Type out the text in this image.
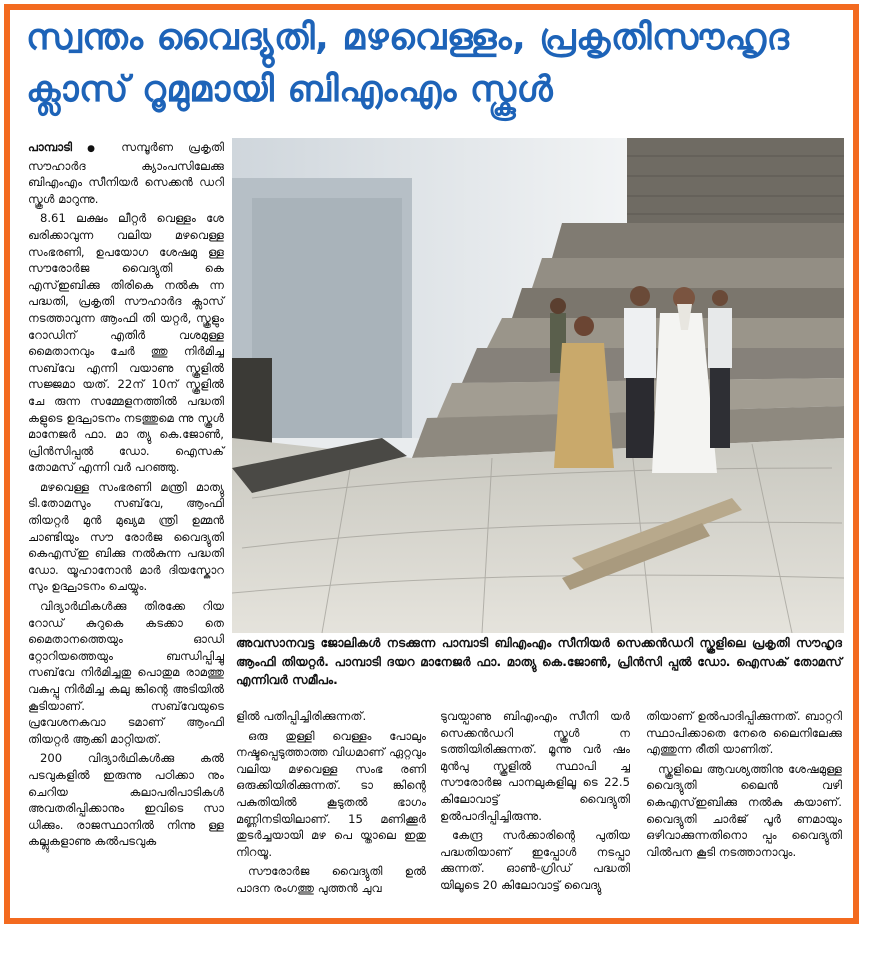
സ്വന്തം വൈദ്യുതി, മഴവെള്ളം, പ്രകൃതിസൗഹൃദ
ക്ലാസ് റൂമുമായി ബിഎംഎം സ്കൂൾ

പാമ്പാടി ● സമ്പൂർണ പ്രകൃതി സൗഹാർദ ക്യാംപസിലേക്കു ബിഎംഎം സീനിയർ സെക്കൻ ഡറി സ്കൂൾ മാറുന്നു.

8.61 ലക്ഷം ലീറ്റർ വെള്ളം ശേ ഖരിക്കാവുന്ന വലിയ മഴവെള്ള സംഭരണി, ഉപയോഗ ശേഷമു ള്ള സൗരോർജ വൈദ്യുതി കെ എസ്ഇബിക്കു തിരികെ നൽകു ന്ന പദ്ധതി, പ്രകൃതി സൗഹാർദ ക്ലാസ് നടത്താവുന്ന ആംഫി തി യറ്റർ, സ്കൂളും റോഡിന് എതിർ വശമുള്ള മൈതാനവും ചേർ ത്തു നിർമിച്ച സബ്‌വേ എന്നി വയാണു സ്കൂളിൽ സജ്ജമാ യത്. 22ന് 10ന് സ്കൂളിൽ ചേ രുന്ന സമ്മേളനത്തിൽ പദ്ധതി കളുടെ ഉദ്ഘാടനം നടത്തുമെ ന്നു സ്കൂൾ മാനേജർ ഫാ. മാ ത്യു കെ.ജോൺ, പ്രിൻസിപ്പൽ ഡോ. ഐസക് തോമസ് എന്നി വർ പറഞ്ഞു.

മഴവെള്ള സംഭരണി മന്ത്രി മാത്യു ടി.തോമസും സബ്‌വേ, ആംഫി തിയറ്റർ മുൻ മുഖ്യമ ന്ത്രി ഉമ്മൻ ചാണ്ടിയും സൗ രോർജ വൈദ്യുതി കെഎസ്ഇ ബിക്കു നൽകുന്ന പദ്ധതി ഡോ. യൂഹാനോൻ മാർ ദിയസ്കോറ സും ഉദ്ഘാടനം ചെയ്യും.

വിദ്യാർഥികൾക്കു തിരക്കേ റിയ റോഡ് കുറുകെ കടക്കാ തെ മൈതാനത്തെയും ഓഡി റ്റോറിയത്തെയും ബന്ധിപ്പിച്ചു സബ്‌വേ നിർമിച്ചതു പൊതുമ രാമത്തു വകുപ്പു നിർമിച്ച കലു ങ്കിന്റെ അടിയിൽ കൂടിയാണ്. സബ്‌വേയുടെ പ്രവേശനകവാ ടമാണ് ആംഫി തിയറ്റർ ആക്കി മാറ്റിയത്.

200 വിദ്യാർഥികൾക്കു കൽ പടവുകളിൽ ഇരുന്നു പഠിക്കാ നും ചെറിയ കലാപരിപാടികൾ അവതരിപ്പിക്കാനും ഇവിടെ സാ ധിക്കും. രാജസ്ഥാനിൽ നിന്നു ള്ള കല്ലുകളാണു കൽപടവുക

അവസാനവട്ട ജോലികൾ നടക്കുന്ന പാമ്പാടി ബിഎംഎം സീനിയർ സെക്കൻഡറി സ്കൂളിലെ പ്രകൃതി സൗഹൃദ ആംഫി തിയറ്റർ. പാമ്പാടി ദയറ മാനേജർ ഫാ. മാത്യു കെ.ജോൺ, പ്രിൻസി പ്പൽ ഡോ. ഐസക് തോമസ് എന്നിവർ സമീപം.

ളിൽ പതിപ്പിച്ചിരിക്കുന്നത്.

ഒരു തുള്ളി വെള്ളം പോലും നഷ്ടപ്പെടുത്താത്ത വിധമാണ് ഏറ്റവും വലിയ മഴവെള്ള സംഭ രണി ഒരുക്കിയിരിക്കുന്നത്. ടാ ങ്കിന്റെ പകുതിയിൽ കൂടുതൽ ഭാഗം മണ്ണിനടിയിലാണ്. 15 മണിക്കൂർ തുടർച്ചയായി മഴ പെ യ്താലെ ഇതു നിറയൂ.

സൗരോർജ വൈദ്യുതി ഉൽ പാദന രംഗത്തു പുത്തൻ ചുവ

ടുവയ്പാണു ബിഎംഎം സീനി യർ സെക്കൻഡറി സ്കൂൾ ന ടത്തിയിരിക്കുന്നത്. മൂന്നു വർ ഷം മുൻപു സ്കൂളിൽ സ്ഥാപി ച്ച സൗരോർജ പാനലുകളിലൂ ടെ 22.5 കിലോവാട്ട് വൈദ്യുതി ഉൽപാദിപ്പിച്ചിരുന്നു.

കേന്ദ്ര സർക്കാരിന്റെ പുതിയ പദ്ധതിയാണ് ഇപ്പോൾ നടപ്പാ ക്കുന്നത്. ഓൺ-ഗ്രിഡ് പദ്ധതി യിലൂടെ 20 കിലോവാട്ട് വൈദ്യു

തിയാണ് ഉൽപാദിപ്പിക്കുന്നത്. ബാറ്ററി സ്ഥാപിക്കാതെ നേരെ ലൈനിലേക്കു എത്തുന്ന രീതി യാണിത്.

സ്കൂളിലെ ആവശ്യത്തിനു ശേഷമുള്ള വൈദ്യുതി ലൈൻ വഴി കെഎസ്ഇബിക്കു നൽകു കയാണ്. വൈദ്യുതി ചാർജ് പൂർ ണമായും ഒഴിവാക്കുന്നതിനൊ പ്പം വൈദ്യുതി വിൽപന കൂടി നടത്താനാവും.
